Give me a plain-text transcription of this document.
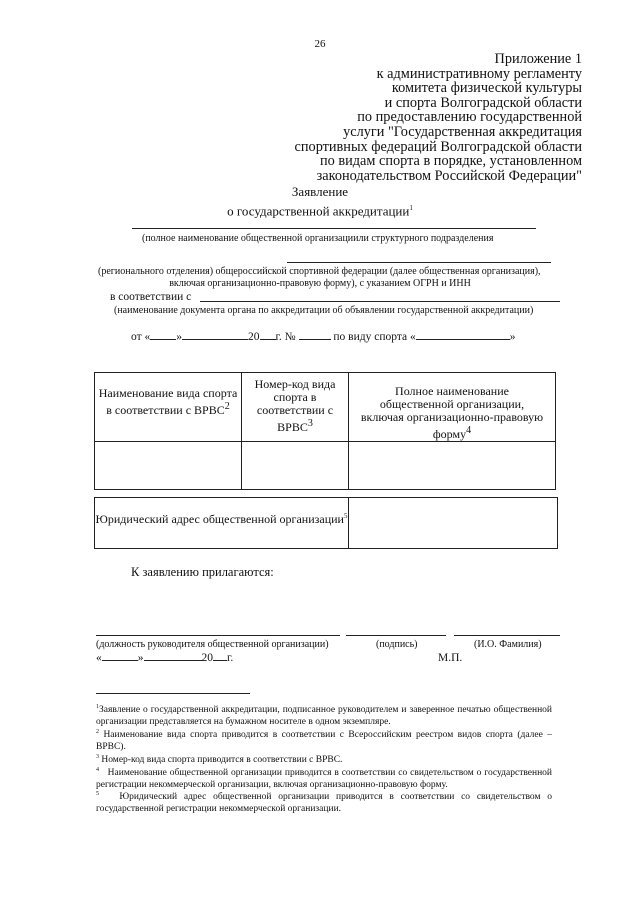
26
Приложение 1
к административному регламенту
комитета физической культуры
и спорта Волгоградской области
по предоставлению государственной
услуги "Государственная аккредитация
спортивных федераций Волгоградской области
по видам спорта в порядке, установленном
законодательством Российской Федерации"
Заявление
о государственной аккредитации$^1$
(полное наименование общественной организациили структурного подразделения
(регионального отделения) общероссийской спортивной федерации (далее общественная организация),
включая организационно-правовую форму), с указанием ОГРН и ИНН
в соответствии с
(наименование документа органа по аккредитации об объявлении государственной аккредитации)
от « »	20 г. №	по виду спорта «	»
Наименование вида спорта в соответствии с ВРВС$^2$	Номер-код вида спорта в соответствии с ВРВС$^3$	Полное наименование общественной организации, включая организационно-правовую форму$^4$

Юридический адрес общественной организации$^5$
К заявлению прилагаются:
(должность руководителя общественной организации)	(подпись)	(И.О. Фамилия)
«	»	20 г.	М.П.
$^1$Заявление о государственной аккредитации, подписанное руководителем и заверенное печатью общественной организации представляется на бумажном носителе в одном экземпляре.
$^2$ Наименование вида спорта приводится в соответствии с Всероссийским реестром видов спорта (далее – ВРВС).
$^3$ Номер-код вида спорта приводится в соответствии с ВРВС.
$^4$ Наименование общественной организации приводится в соответствии со свидетельством о государственной регистрации некоммерческой организации, включая организационно-правовую форму.
$^5$ Юридический адрес общественной организации приводится в соответствии со свидетельством о государственной регистрации некоммерческой организации.
